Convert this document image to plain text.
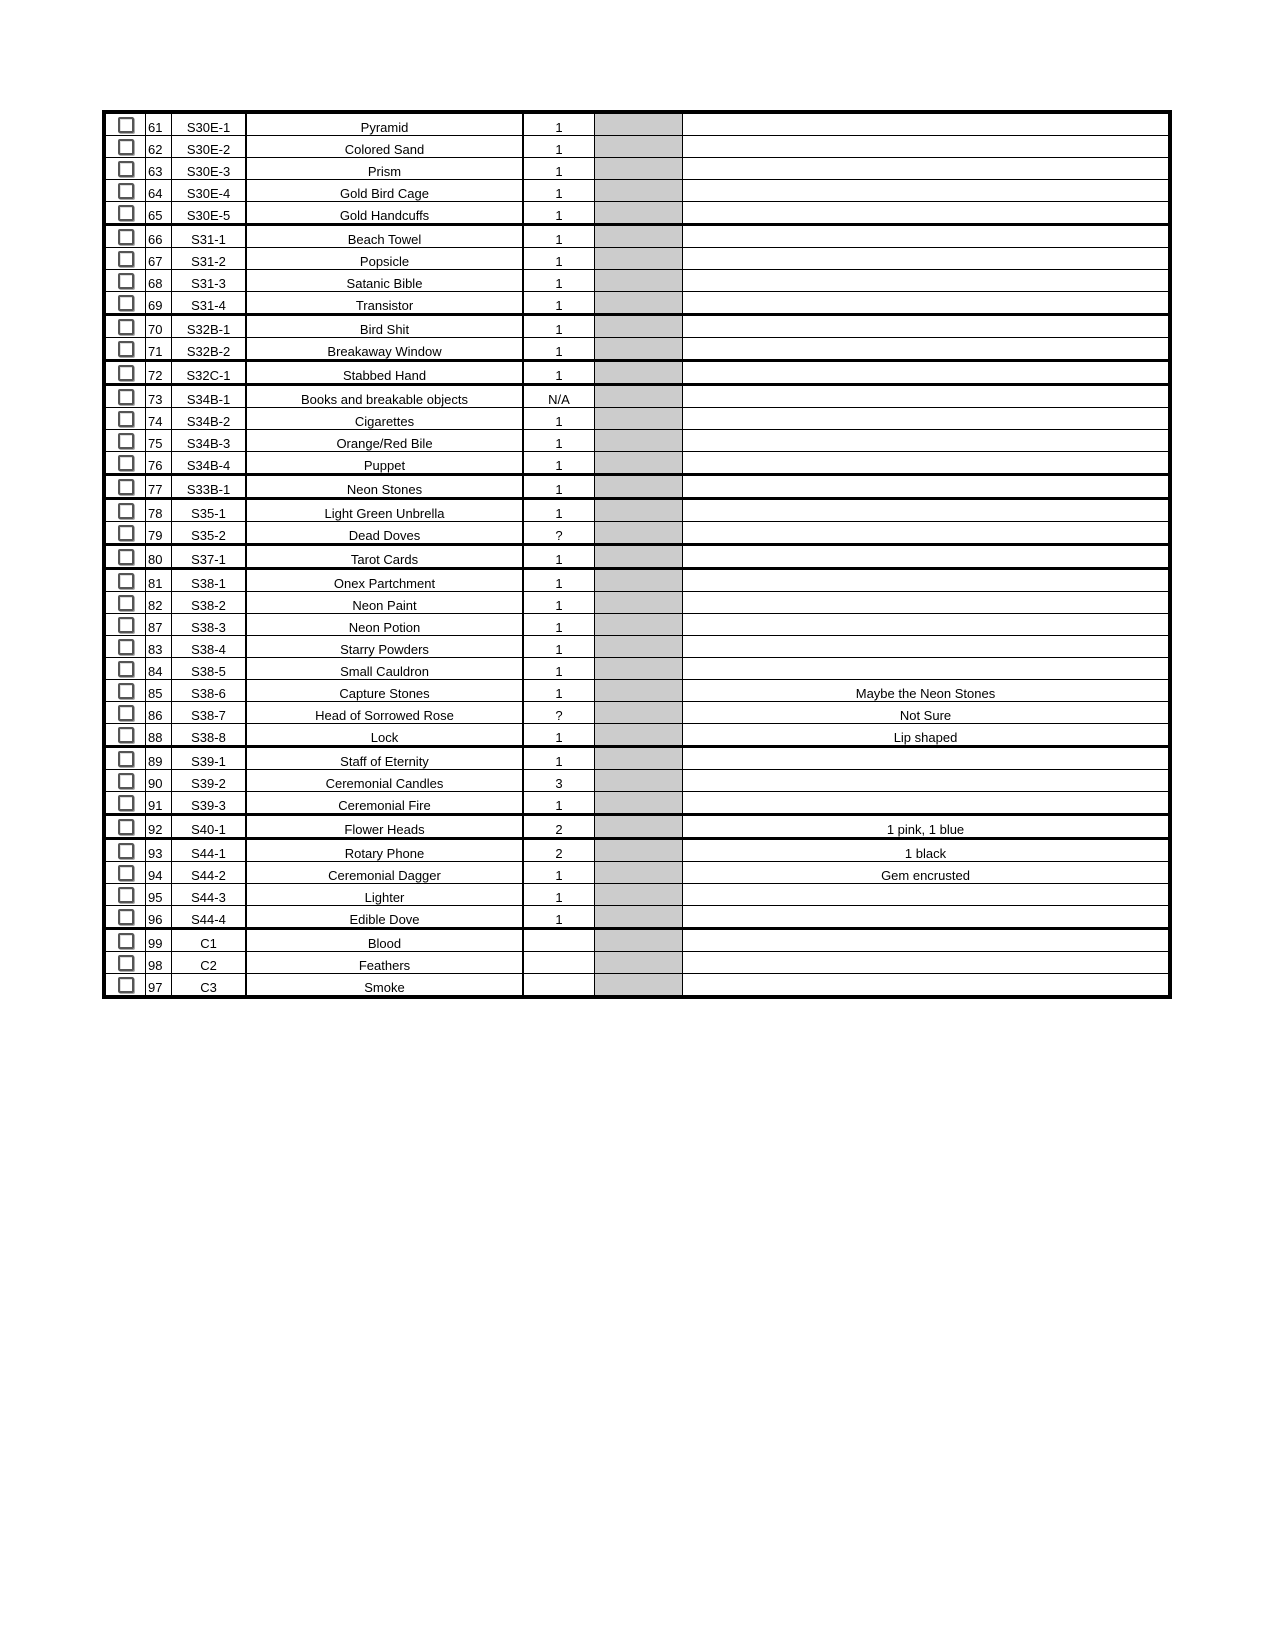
	61	S30E-1	Pyramid	1		
	62	S30E-2	Colored Sand	1		
	63	S30E-3	Prism	1		
	64	S30E-4	Gold Bird Cage	1		
	65	S30E-5	Gold Handcuffs	1		
	66	S31-1	Beach Towel	1		
	67	S31-2	Popsicle	1		
	68	S31-3	Satanic Bible	1		
	69	S31-4	Transistor	1		
	70	S32B-1	Bird Shit	1		
	71	S32B-2	Breakaway Window	1		
	72	S32C-1	Stabbed Hand	1		
	73	S34B-1	Books and breakable objects	N/A		
	74	S34B-2	Cigarettes	1		
	75	S34B-3	Orange/Red Bile	1		
	76	S34B-4	Puppet	1		
	77	S33B-1	Neon Stones	1		
	78	S35-1	Light Green Unbrella	1		
	79	S35-2	Dead Doves	?		
	80	S37-1	Tarot Cards	1		
	81	S38-1	Onex Partchment	1		
	82	S38-2	Neon Paint	1		
	87	S38-3	Neon Potion	1		
	83	S38-4	Starry Powders	1		
	84	S38-5	Small Cauldron	1		
	85	S38-6	Capture Stones	1		Maybe the Neon Stones
	86	S38-7	Head of Sorrowed Rose	?		Not Sure
	88	S38-8	Lock	1		Lip shaped
	89	S39-1	Staff of Eternity	1		
	90	S39-2	Ceremonial Candles	3		
	91	S39-3	Ceremonial Fire	1		
	92	S40-1	Flower Heads	2		1 pink, 1 blue
	93	S44-1	Rotary Phone	2		1 black
	94	S44-2	Ceremonial Dagger	1		Gem encrusted
	95	S44-3	Lighter	1		
	96	S44-4	Edible Dove	1		
	99	C1	Blood			
	98	C2	Feathers			
	97	C3	Smoke			
